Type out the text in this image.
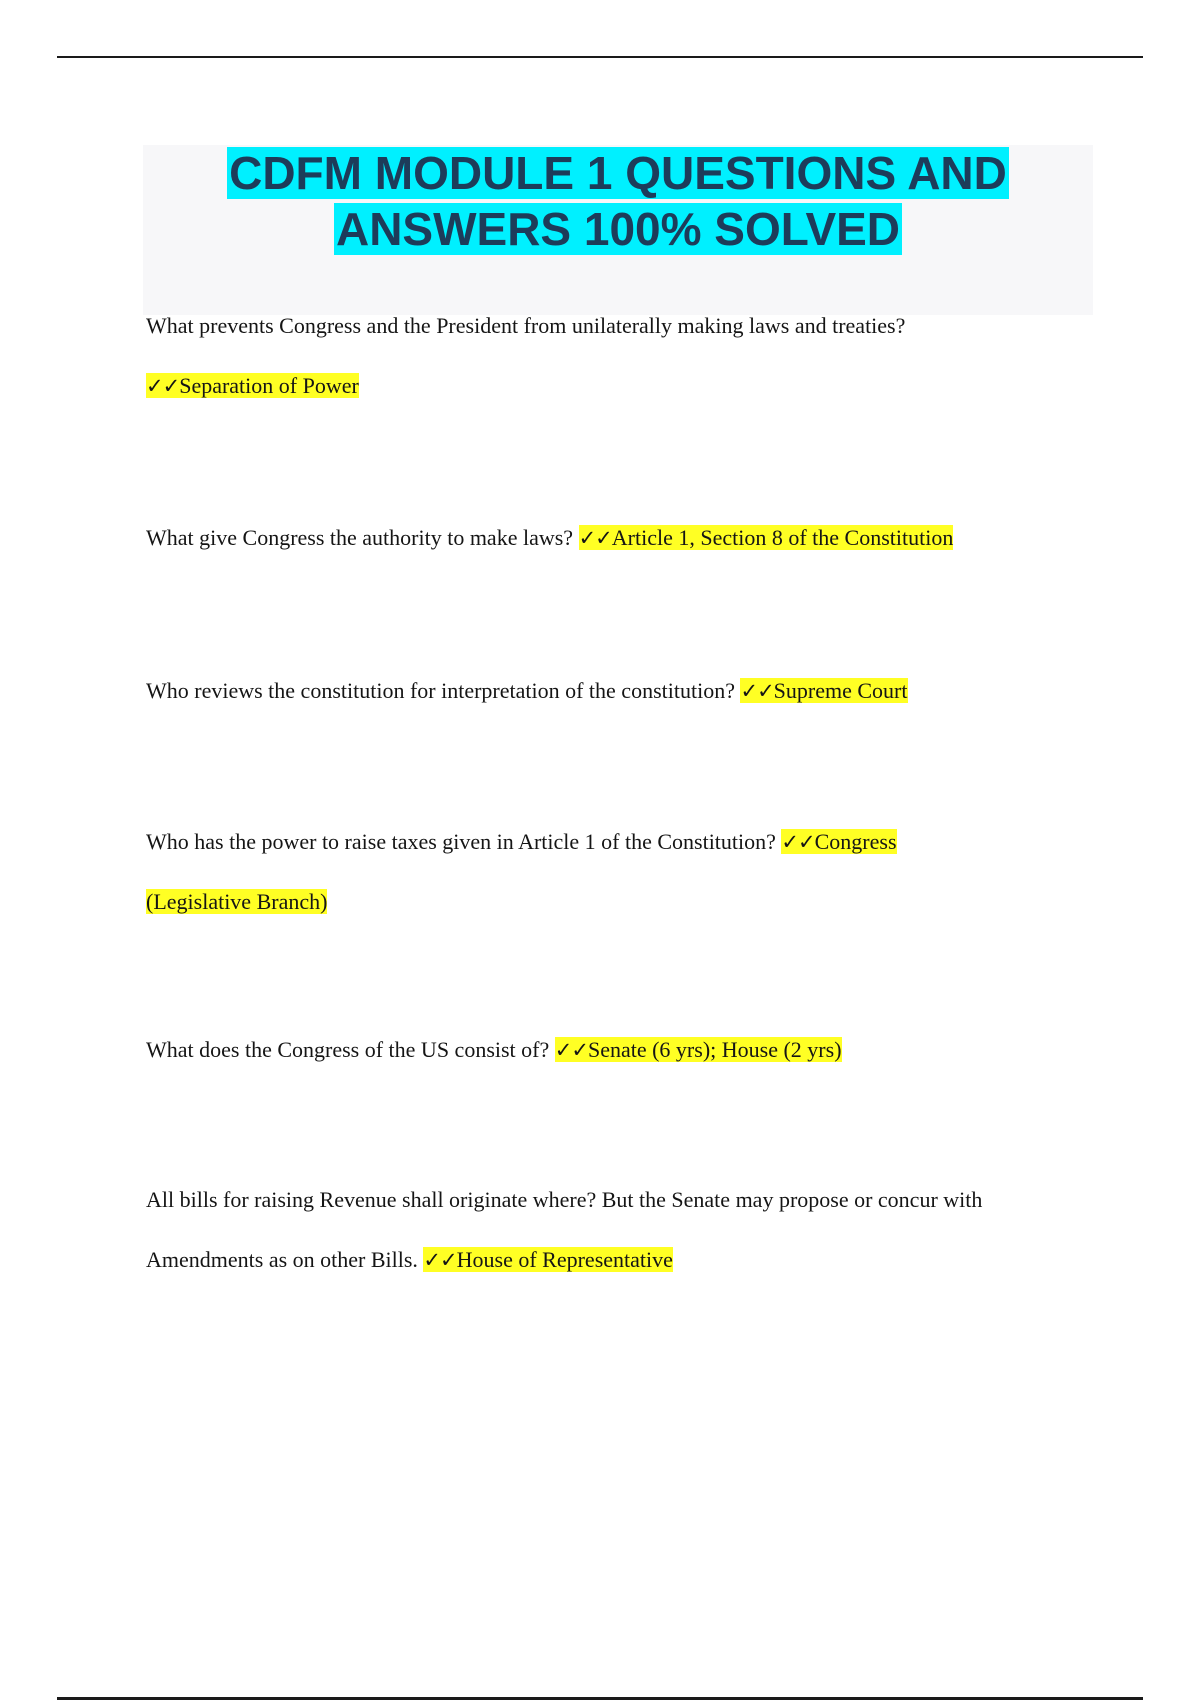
CDFM MODULE 1 QUESTIONS AND
ANSWERS 100% SOLVED

What prevents Congress and the President from unilaterally making laws and treaties?
✓✓Separation of Power

What give Congress the authority to make laws? ✓✓Article 1, Section 8 of the Constitution

Who reviews the constitution for interpretation of the constitution? ✓✓Supreme Court

Who has the power to raise taxes given in Article 1 of the Constitution? ✓✓Congress (Legislative Branch)

What does the Congress of the US consist of? ✓✓Senate (6 yrs); House (2 yrs)

All bills for raising Revenue shall originate where? But the Senate may propose or concur with Amendments as on other Bills. ✓✓House of Representative
